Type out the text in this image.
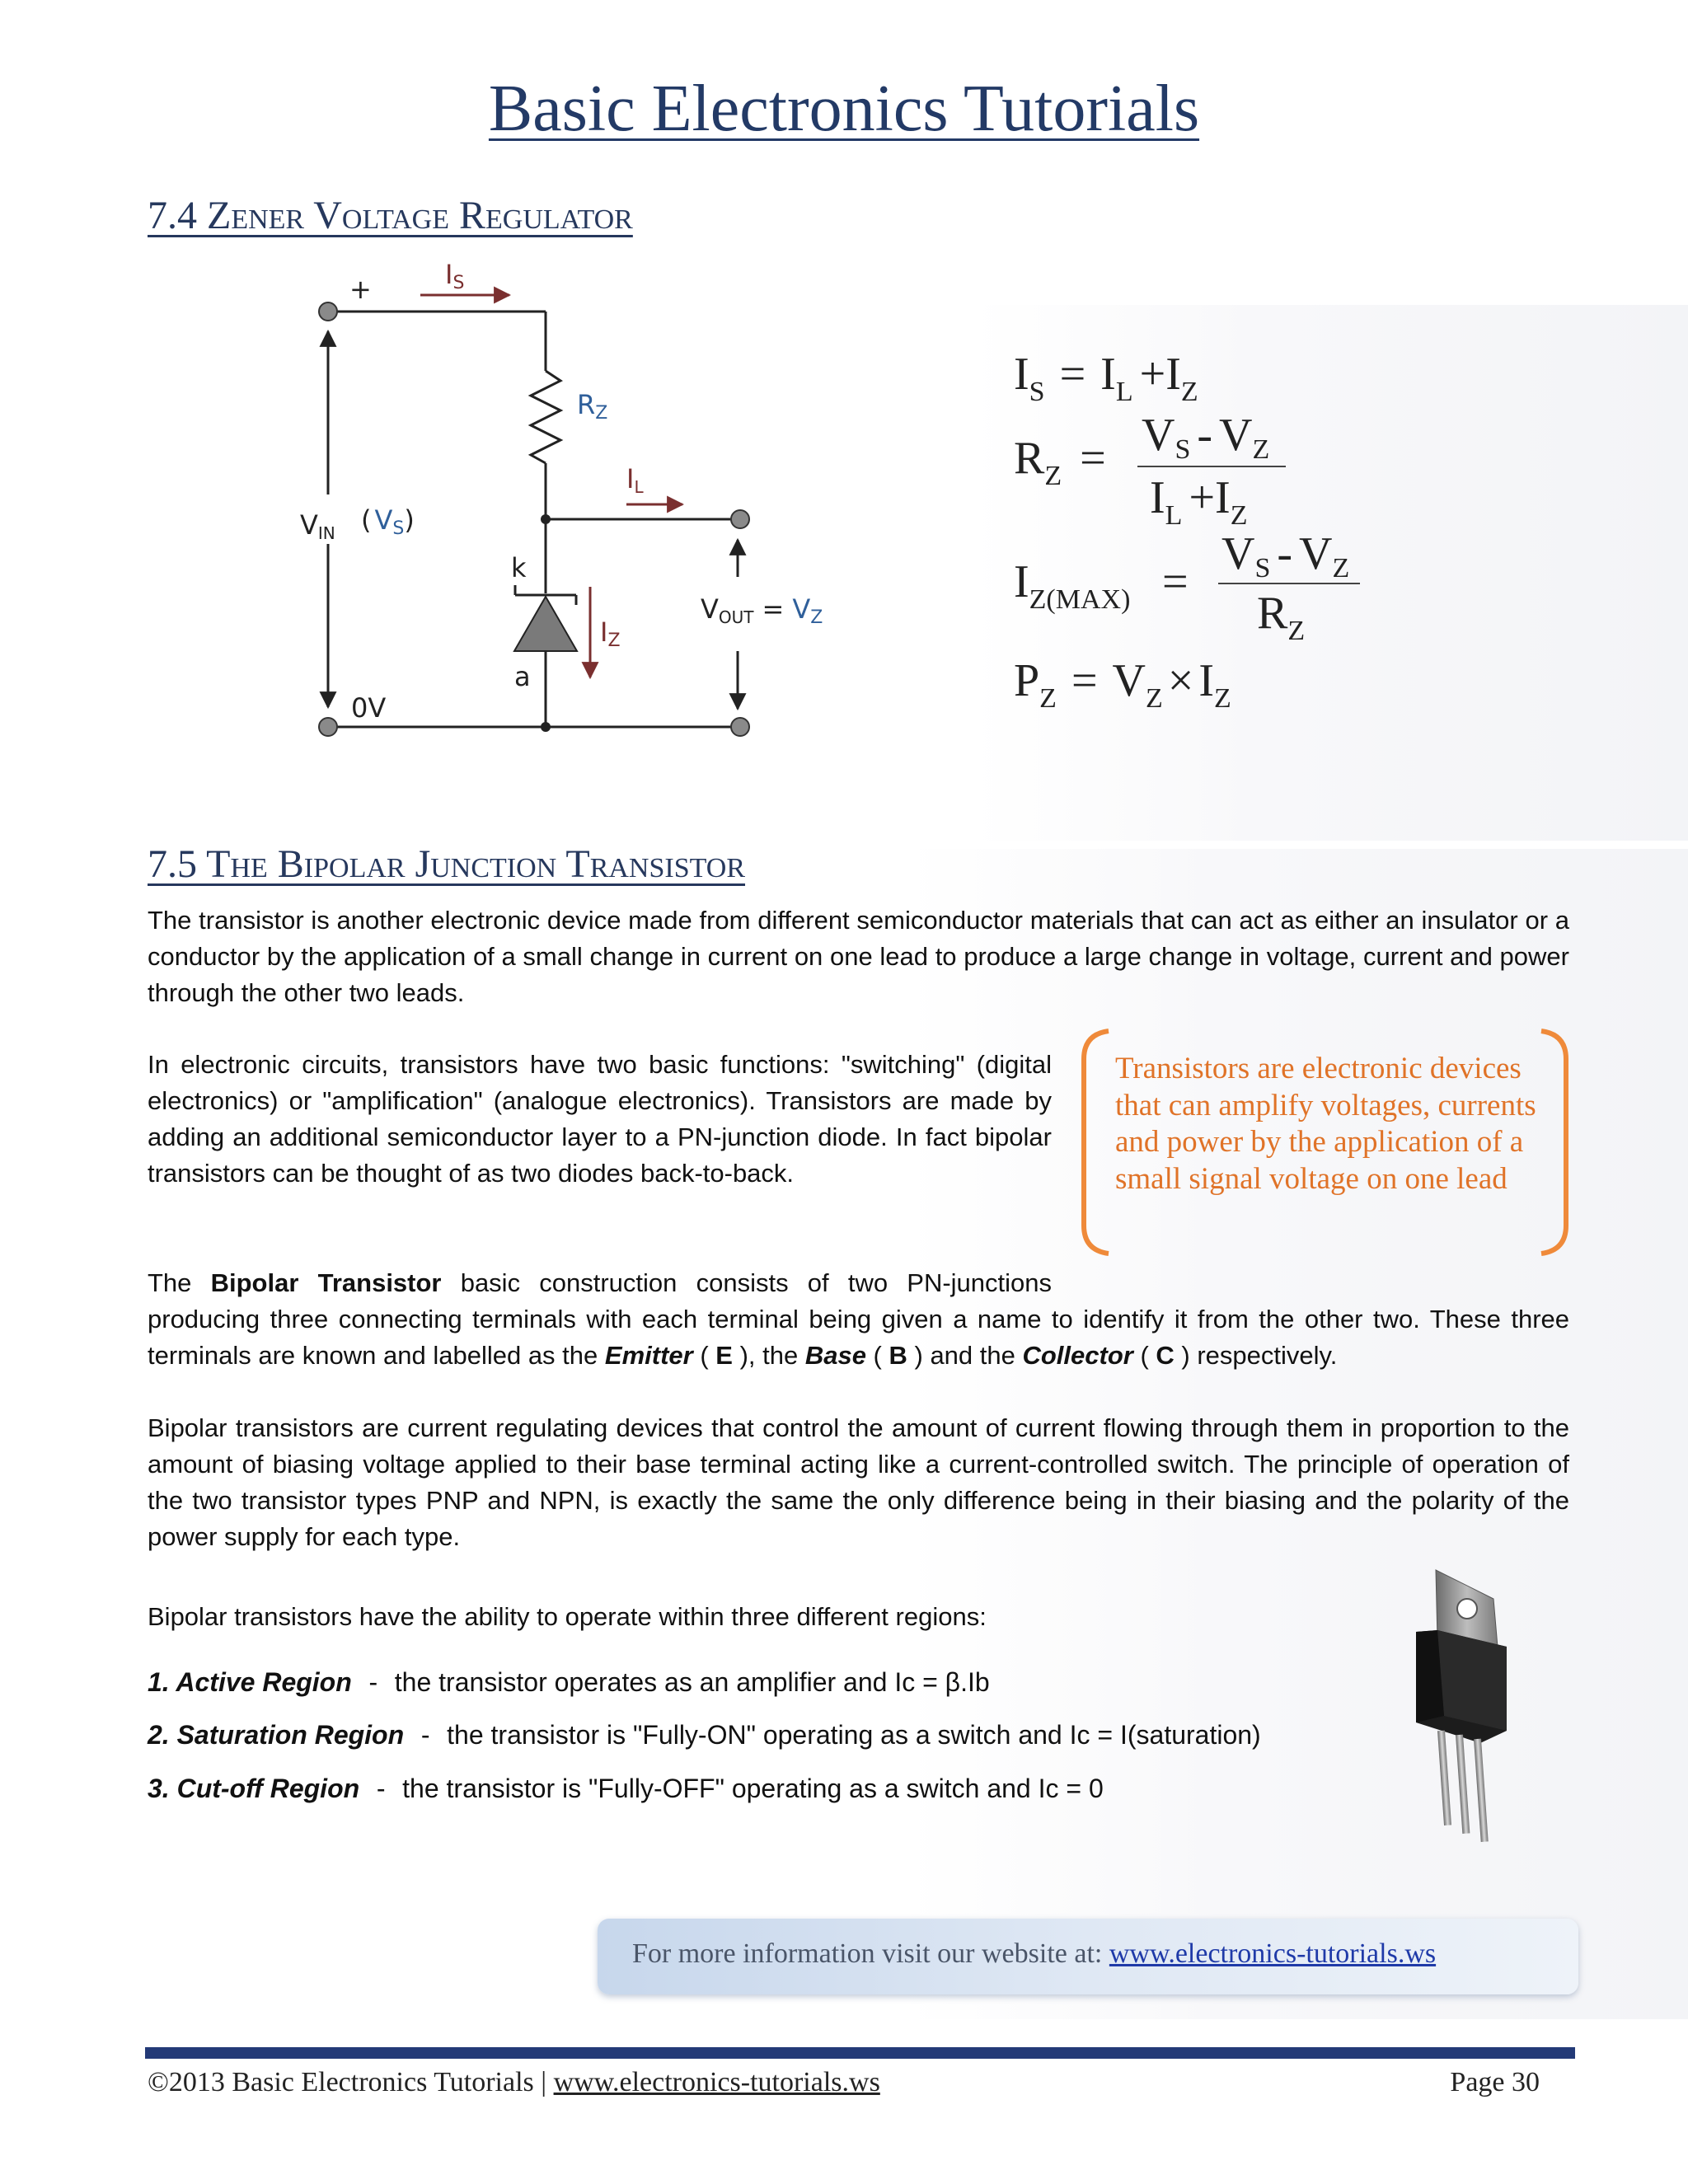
Basic Electronics Tutorials
7.4 Zener Voltage Regulator
+	IS
RZ
IL
VIN ( VS)
k
IZ
VOUT = VZ
a
0V
$I_S = I_L +I_Z$
$R_Z$ = VS - VZ
$I_L +I_Z$
$I_{Z(MAX)}$ =
VS - VZ
$R_Z$
$P_Z = V_Z \times I_Z$
7.5 The Bipolar Junction Transistor
The transistor is another electronic device made from different semiconductor materials that can act as either an insulator or a conductor by the application of a small change in current on one lead to produce a large change in voltage, current and power through the other two leads.
In electronic circuits, transistors have two basic functions: "switching" (digital electronics) or "amplification" (analogue electronics). Transistors are made by adding an additional semiconductor layer to a PN-junction diode. In fact bipolar transistors can be thought of as two diodes back-to-back.
Transistors are electronic devices that can amplify voltages, currents and power by the application of a small signal voltage on one lead
The Bipolar Transistor basic construction consists of two PN-junctions
producing three connecting terminals with each terminal being given a name to identify it from the other two. These three terminals are known and labelled as the Emitter ( E ), the Base ( B ) and the Collector ( C ) respectively.
Bipolar transistors are current regulating devices that control the amount of current flowing through them in proportion to the amount of biasing voltage applied to their base terminal acting like a current-controlled switch. The principle of operation of the two transistor types PNP and NPN, is exactly the same the only difference being in their biasing and the polarity of the power supply for each type.
Bipolar transistors have the ability to operate within three different regions:
1. Active Region - the transistor operates as an amplifier and Ic = β.Ib
2. Saturation Region - the transistor is "Fully-ON" operating as a switch and Ic = I(saturation)
3. Cut-off Region - the transistor is "Fully-OFF" operating as a switch and Ic = 0
For more information visit our website at: www.electronics-tutorials.ws
©2013 Basic Electronics Tutorials | www.electronics-tutorials.ws	Page 30
